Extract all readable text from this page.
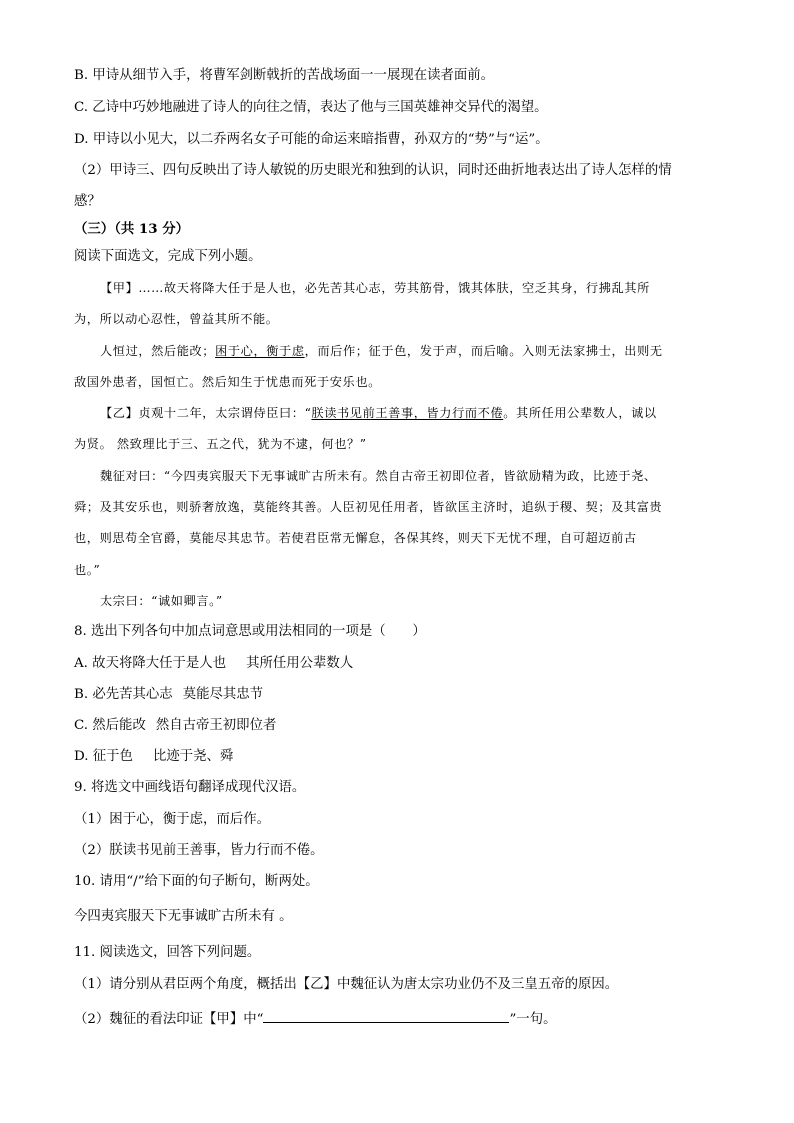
B. 甲诗从细节入手，将曹军剑断戟折的苦战场面一一展现在读者面前。
C. 乙诗中巧妙地融进了诗人的向往之情，表达了他与三国英雄神交异代的渴望。
D. 甲诗以小见大，以二乔两名女子可能的命运来暗指曹，孙双方的“势”与“运”。
（2）甲诗三、四句反映出了诗人敏锐的历史眼光和独到的认识，同时还曲折地表达出了诗人怎样的情
感？
（三）（共 13 分）
阅读下面选文，完成下列小题。
【甲】……故天将降大任于是人也，必先苦其心志，劳其筋骨，饿其体肤，空乏其身，行拂乱其所
为，所以动心忍性，曾益其所不能。
人恒过，然后能改；困于心，衡于虑，而后作；征于色，发于声，而后喻。入则无法家拂士，出则无
敌国外患者，国恒亡。然后知生于忧患而死于安乐也。
【乙】贞观十二年，太宗谓侍臣曰：“朕读书见前王善事，皆力行而不倦。其所任用公辈数人，诚以
为贤。 然致理比于三、五之代，犹为不逮，何也？”
魏征对曰：“今四夷宾服天下无事诚旷古所未有。然自古帝王初即位者，皆欲励精为政，比迹于尧、
舜；及其安乐也，则骄奢放逸，莫能终其善。人臣初见任用者，皆欲匡主济时，追纵于稷、契；及其富贵
也，则思苟全官爵，莫能尽其忠节。若使君臣常无懈怠，各保其终，则天下无忧不理，自可超迈前古
也。”
太宗曰：“诚如卿言。”
8. 选出下列各句中加点词意思或用法相同的一项是（　　）
A. 故天将降大任于是人也 其所任用公辈数人
B. 必先苦其心志 莫能尽其忠节
C. 然后能改 然自古帝王初即位者
D. 征于色 比迹于尧、舜
9. 将选文中画线语句翻译成现代汉语。
（1）困于心，衡于虑，而后作。
（2）朕读书见前王善事，皆力行而不倦。
10. 请用“/”给下面的句子断句，断两处。
今四夷宾服天下无事诚旷古所未有 。
11. 阅读选文，回答下列问题。
（1）请分别从君臣两个角度，概括出【乙】中魏征认为唐太宗功业仍不及三皇五帝的原因。
（2）魏征的看法印证【甲】中“	”一句。
